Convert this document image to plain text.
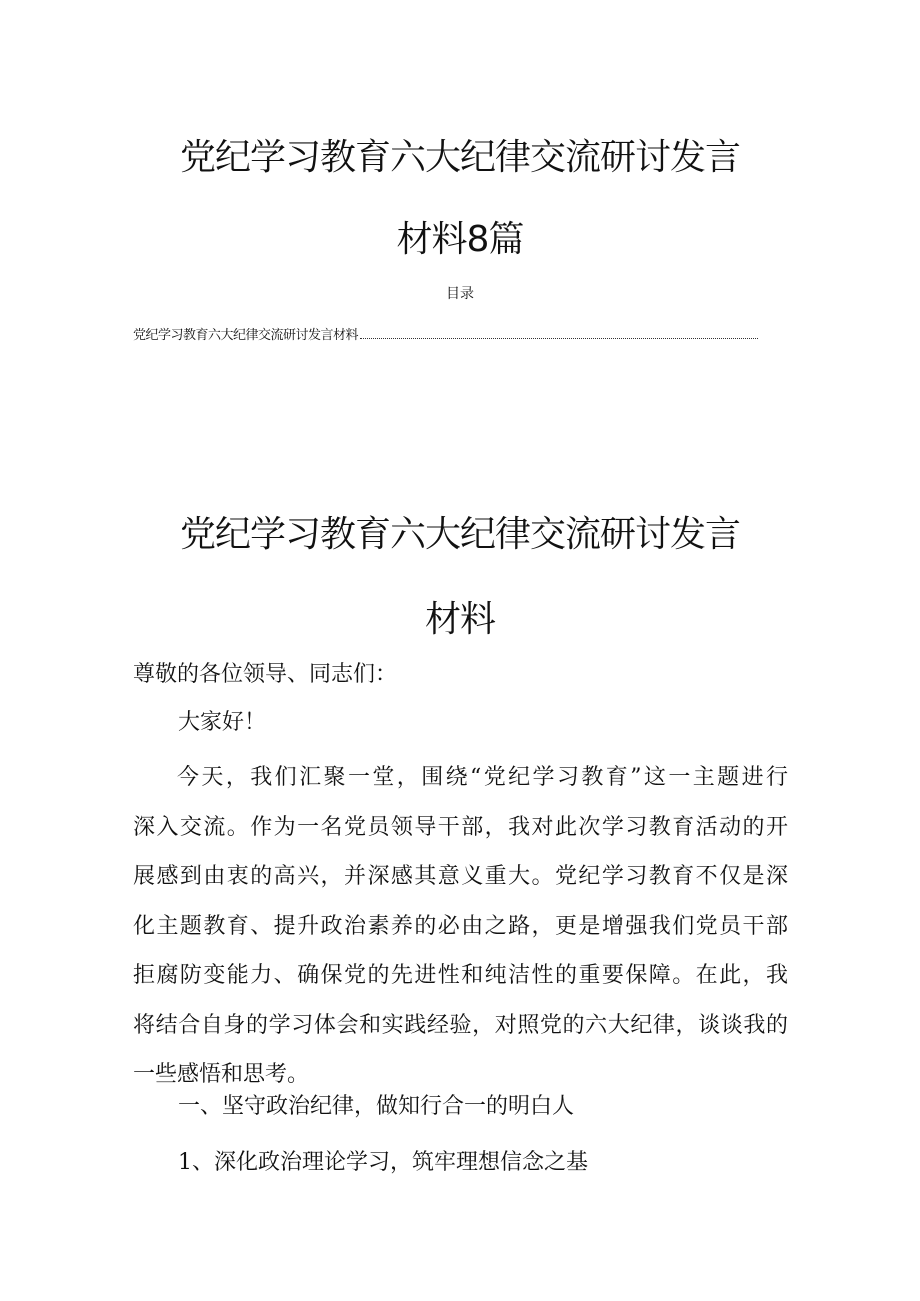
党纪学习教育六大纪律交流研讨发言
材料8篇
目录
党纪学习教育六大纪律交流研讨发言材料
党纪学习教育六大纪律交流研讨发言
材料
尊敬的各位领导、同志们：
大家好！
今天，我们汇聚一堂，围绕“党纪学习教育”这一主题进行
深入交流。作为一名党员领导干部，我对此次学习教育活动的开
展感到由衷的高兴，并深感其意义重大。党纪学习教育不仅是深
化主题教育、提升政治素养的必由之路，更是增强我们党员干部
拒腐防变能力、确保党的先进性和纯洁性的重要保障。在此，我
将结合自身的学习体会和实践经验，对照党的六大纪律，谈谈我的
一些感悟和思考。
一、坚守政治纪律，做知行合一的明白人
1、深化政治理论学习，筑牢理想信念之基
